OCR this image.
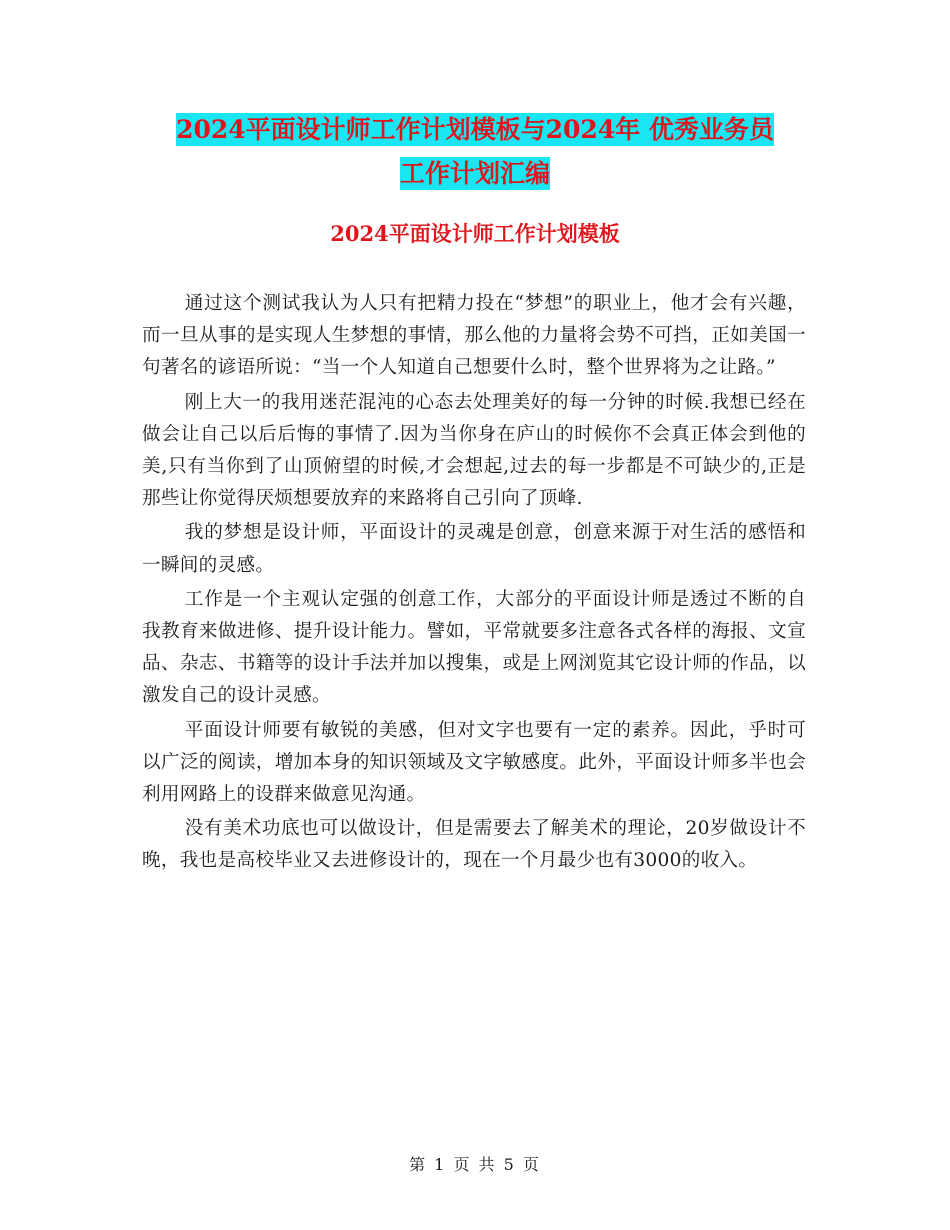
2024平面设计师工作计划模板与2024年 优秀业务员
工作计划汇编
2024平面设计师工作计划模板

通过这个测试我认为人只有把精力投在“梦想”的职业上，他才会有兴趣，而一旦从事的是实现人生梦想的事情，那么他的力量将会势不可挡，正如美国一句著名的谚语所说：“当一个人知道自己想要什么时，整个世界将为之让路。”

刚上大一的我用迷茫混沌的心态去处理美好的每一分钟的时候.我想已经在做会让自己以后后悔的事情了.因为当你身在庐山的时候你不会真正体会到他的美,只有当你到了山顶俯望的时候,才会想起,过去的每一步都是不可缺少的,正是那些让你觉得厌烦想要放弃的来路将自己引向了顶峰.

我的梦想是设计师，平面设计的灵魂是创意，创意来源于对生活的感悟和一瞬间的灵感。

工作是一个主观认定强的创意工作，大部分的平面设计师是透过不断的自我教育来做进修、提升设计能力。譬如，平常就要多注意各式各样的海报、文宣品、杂志、书籍等的设计手法并加以搜集，或是上网浏览其它设计师的作品，以激发自己的设计灵感。

平面设计师要有敏锐的美感，但对文字也要有一定的素养。因此，乎时可以广泛的阅读，增加本身的知识领域及文字敏感度。此外，平面设计师多半也会利用网路上的设群来做意见沟通。

没有美术功底也可以做设计，但是需要去了解美术的理论，20岁做设计不晚，我也是高校毕业又去进修设计的，现在一个月最少也有3000的收入。

第 1 页 共 5 页
